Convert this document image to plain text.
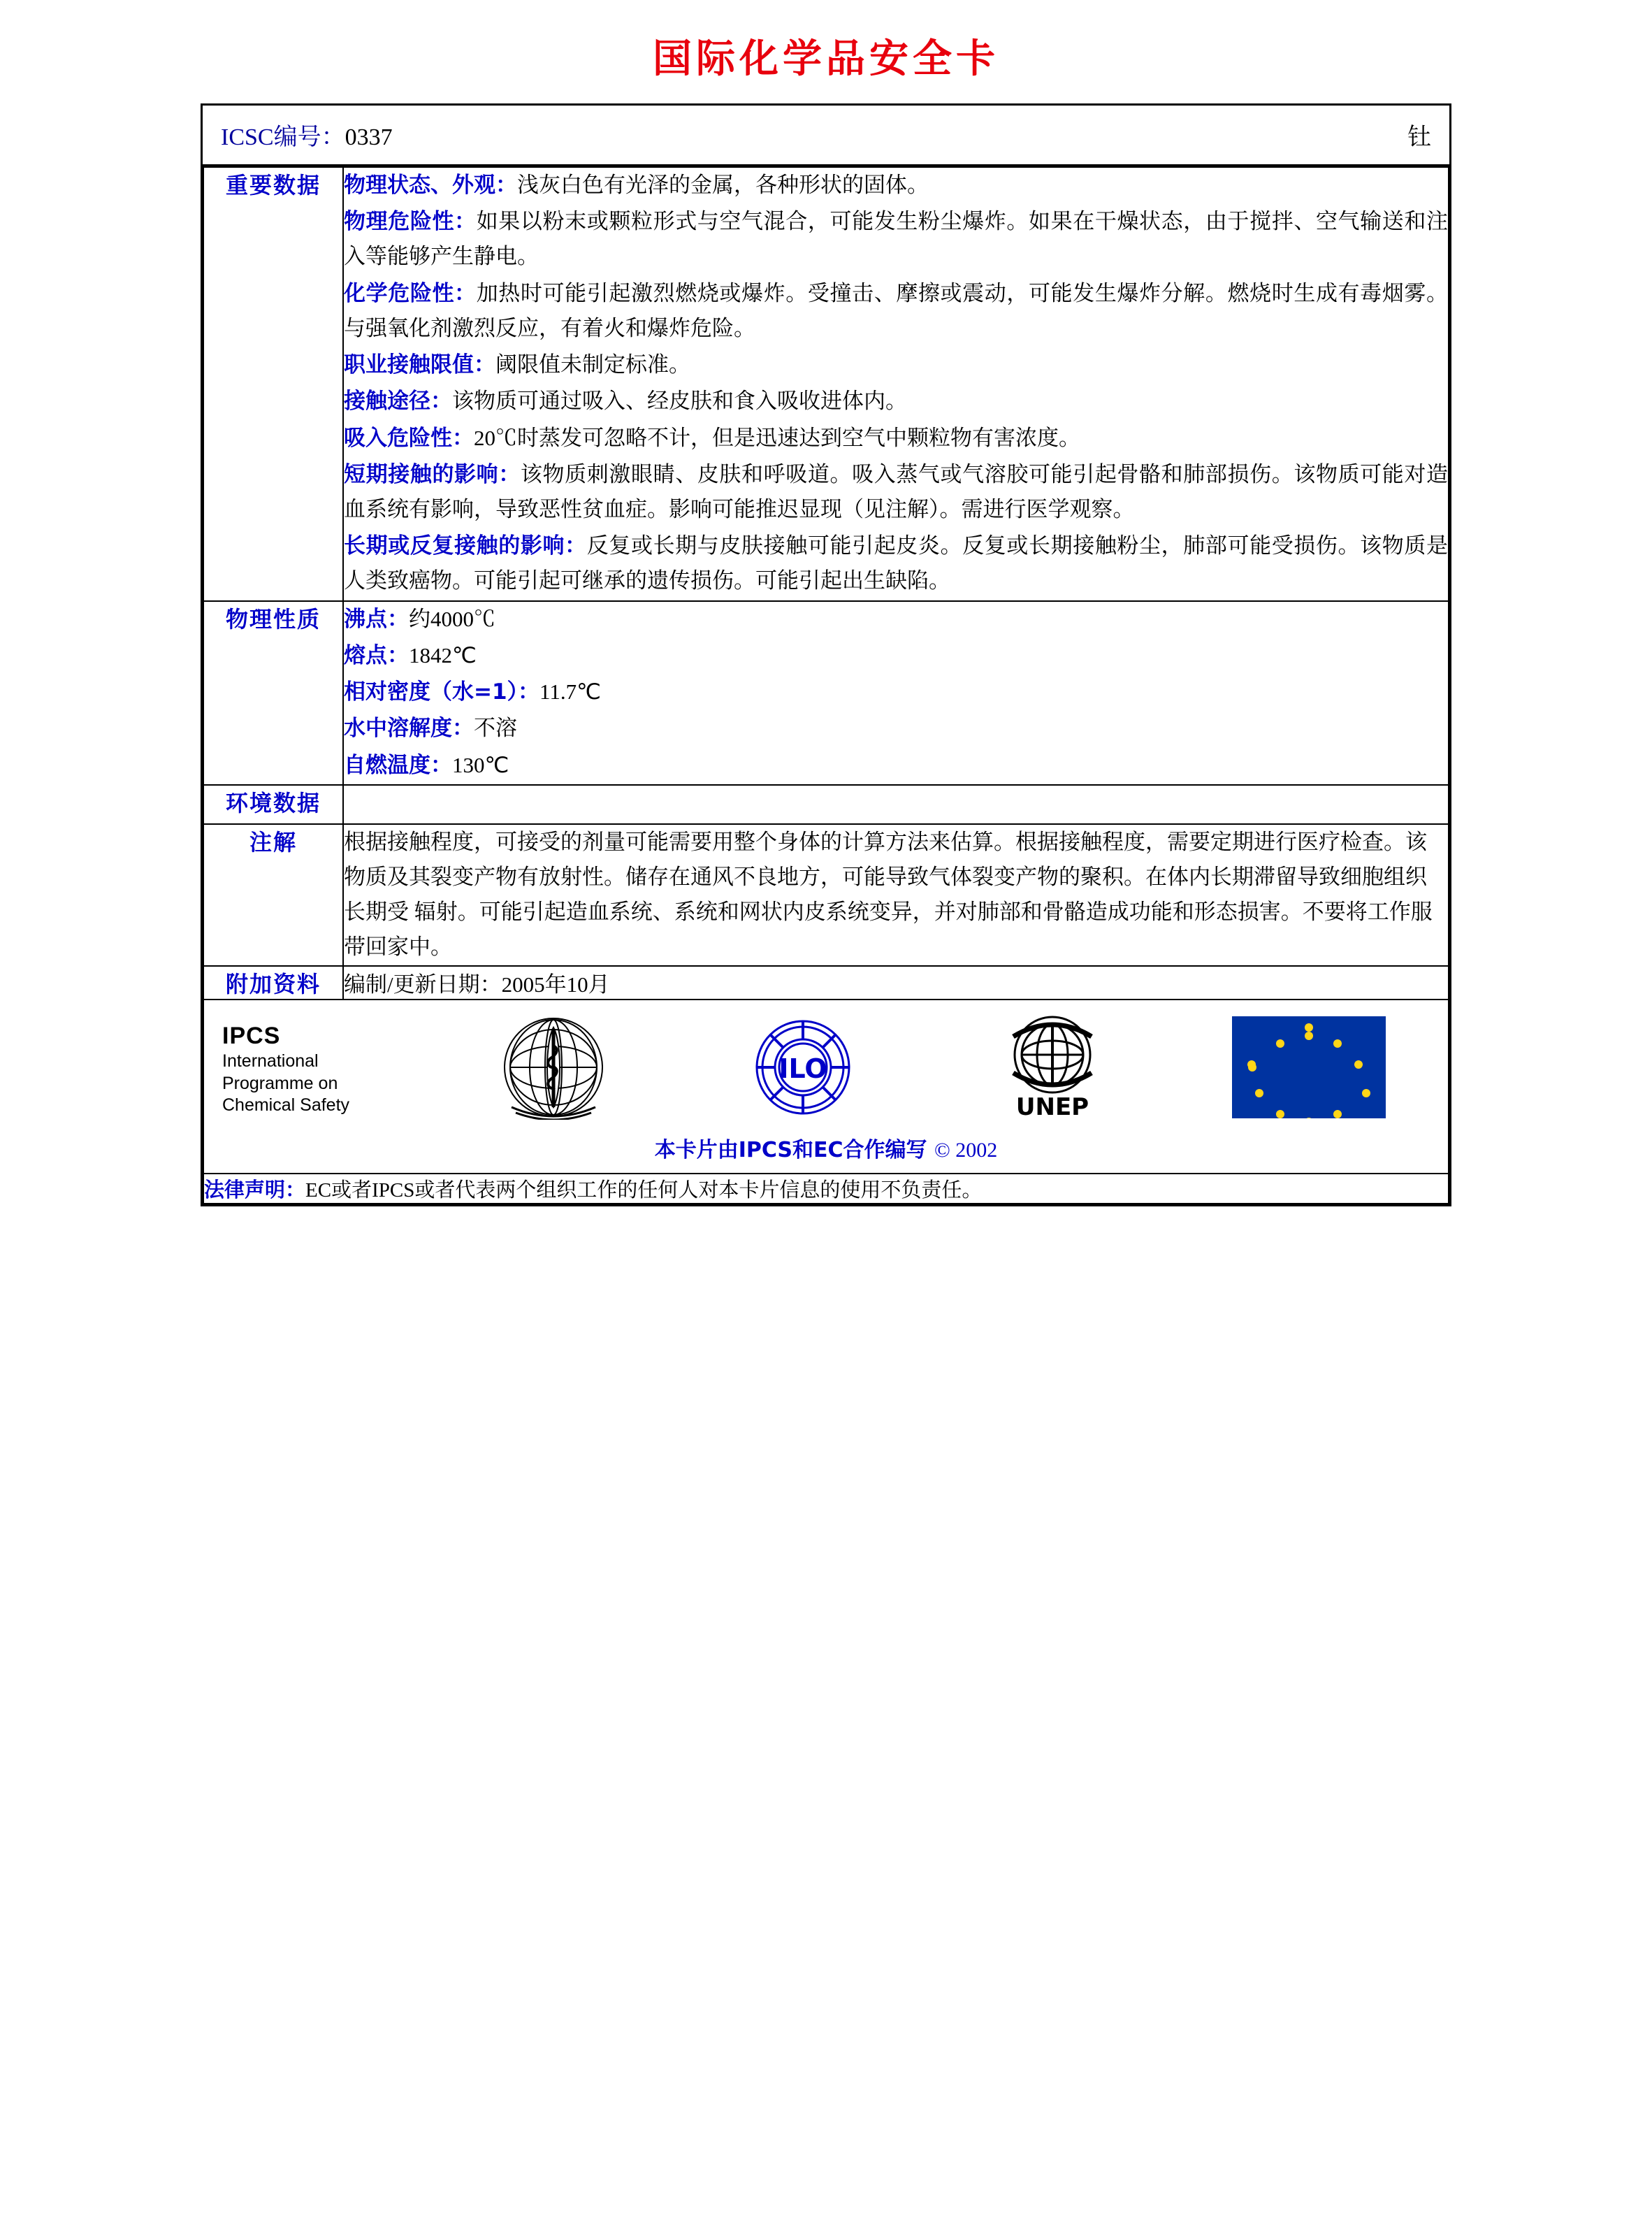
国际化学品安全卡
ICSC编号：0337	钍
重要数据	物理状态、外观：浅灰白色有光泽的金属，各种形状的固体。

物理危险性：如果以粉末或颗粒形式与空气混合，可能发生粉尘爆炸。如果在干燥状态，由于搅拌、空气输送和注入等能够产生静电。

化学危险性：加热时可能引起激烈燃烧或爆炸。受撞击、摩擦或震动，可能发生爆炸分解。燃烧时生成有毒烟雾。与强氧化剂激烈反应，有着火和爆炸危险。

职业接触限值：阈限值未制定标准。

接触途径：该物质可通过吸入、经皮肤和食入吸收进体内。

吸入危险性：20℃时蒸发可忽略不计，但是迅速达到空气中颗粒物有害浓度。

短期接触的影响：该物质刺激眼睛、皮肤和呼吸道。吸入蒸气或气溶胶可能引起骨骼和肺部损伤。该物质可能对造血系统有影响，导致恶性贫血症。影响可能推迟显现（见注解）。需进行医学观察。

长期或反复接触的影响：反复或长期与皮肤接触可能引起皮炎。反复或长期接触粉尘，肺部可能受损伤。该物质是人类致癌物。可能引起可继承的遗传损伤。可能引起出生缺陷。

物理性质	沸点：约4000℃

熔点：1842℃

相对密度（水=1）：11.7℃

水中溶解度：不溶

自燃温度：130℃

环境数据	
注解	根据接触程度，可接受的剂量可能需要用整个身体的计算方法来估算。根据接触程度，需要定期进行医疗检查。该物质及其裂变产物有放射性。储存在通风不良地方，可能导致气体裂变产物的聚积。在体内长期滞留导致细胞组织长期受 辐射。可能引起造血系统、系统和网状内皮系统变异，并对肺部和骨骼造成功能和形态损害。不要将工作服带回家中。
附加资料	编制/更新日期：2005年10月

IPCS
International
Programme on
Chemical Safety
ILO
UNEP
本卡片由IPCS和EC合作编写 © 2002

法律声明：EC或者IPCS或者代表两个组织工作的任何人对本卡片信息的使用不负责任。	
